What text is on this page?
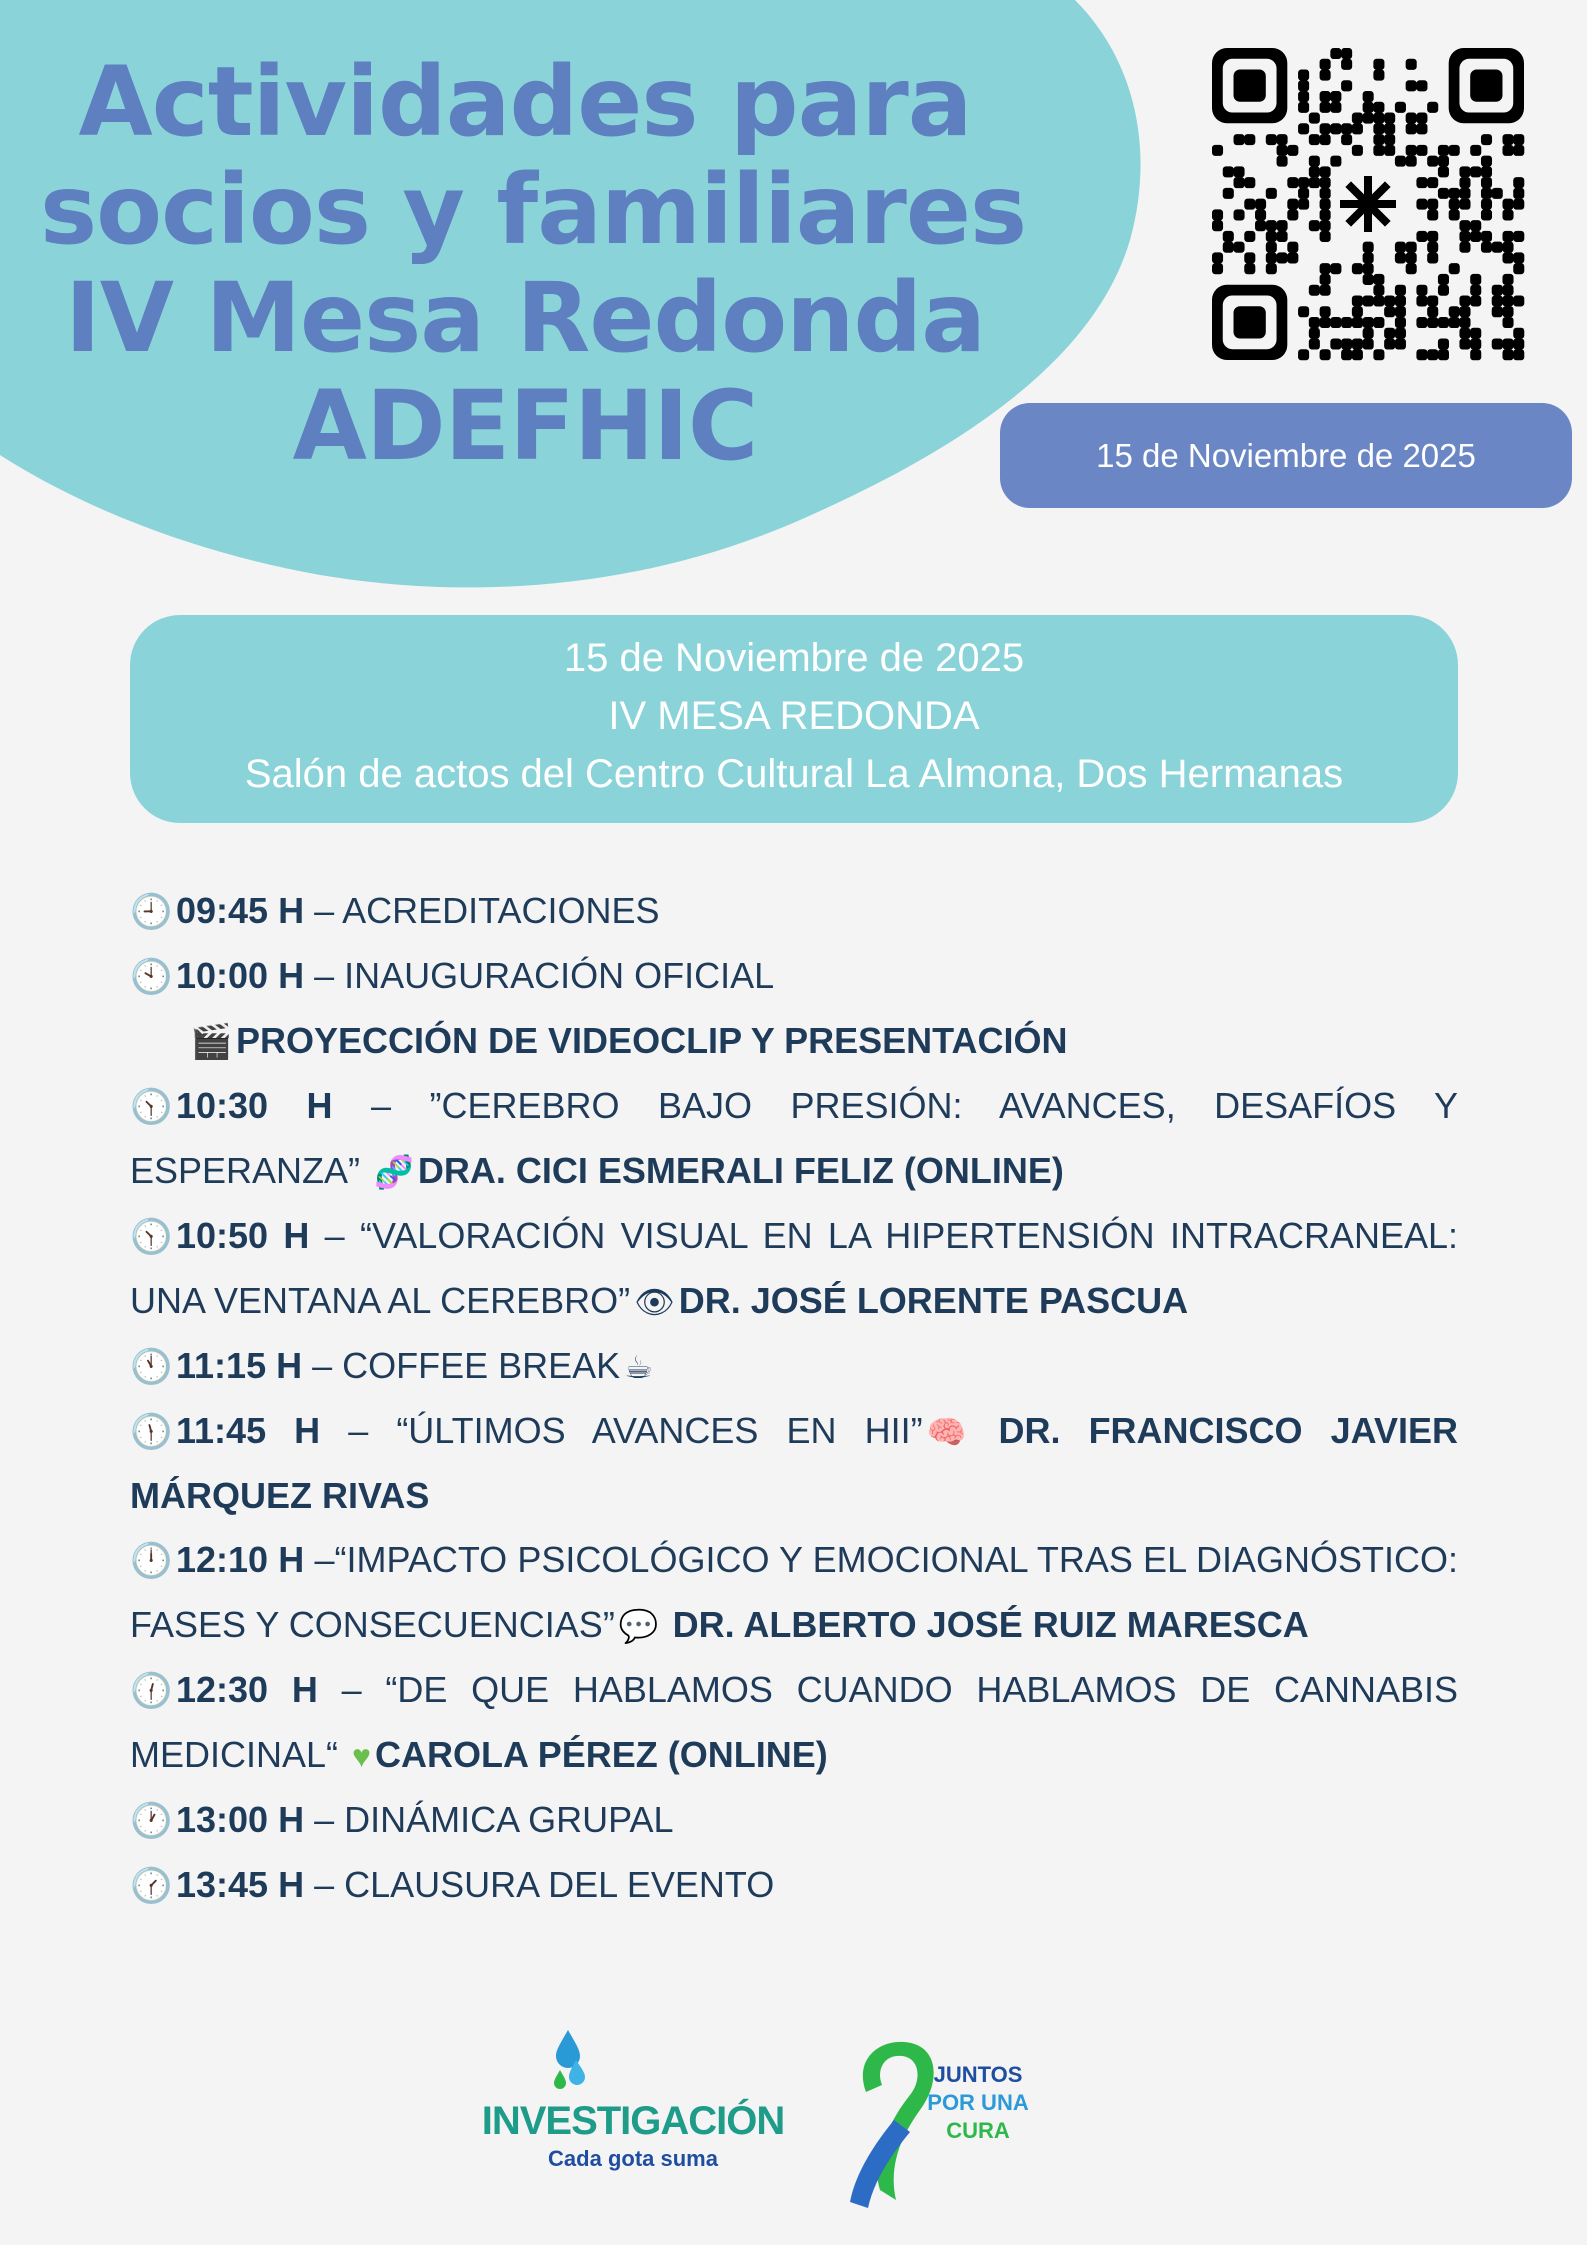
Actividades para
socios y familiares
IV Mesa Redonda
ADEFHIC	15 de Noviembre de 2025
15 de Noviembre de 2025
IV MESA REDONDA
Salón de actos del Centro Cultural La Almona, Dos Hermanas
🕘 09:45 H – ACREDITACIONES
🕙 10:00 H – INAUGURACIÓN OFICIAL
🎬 PROYECCIÓN DE VIDEOCLIP Y PRESENTACIÓN
🕥 10:30 H – ”CEREBRO BAJO PRESIÓN: AVANCES, DESAFÍOS Y ESPERANZA” 🧬 DRA. CICI ESMERALI FELIZ (ONLINE)
🕥 10:50 H – “VALORACIÓN VISUAL EN LA HIPERTENSIÓN INTRACRANEAL: UNA VENTANA AL CEREBRO” 👁 DR. JOSÉ LORENTE PASCUA
🕚 11:15 H – COFFEE BREAK ☕
🕦 11:45 H – “ÚLTIMOS AVANCES EN HII” 🧠 DR. FRANCISCO JAVIER MÁRQUEZ RIVAS
🕛 12:10 H –“IMPACTO PSICOLÓGICO Y EMOCIONAL TRAS EL DIAGNÓSTICO: FASES Y CONSECUENCIAS” 💬 DR. ALBERTO JOSÉ RUIZ MARESCA
🕧 12:30 H – “DE QUE HABLAMOS CUANDO HABLAMOS DE CANNABIS MEDICINAL“ ♥ CAROLA PÉREZ (ONLINE)
🕐 13:00 H – DINÁMICA GRUPAL
🕜 13:45 H – CLAUSURA DEL EVENTO
INVESTIGACIÓN
Cada gota suma
JUNTOS
POR UNA
CURA
